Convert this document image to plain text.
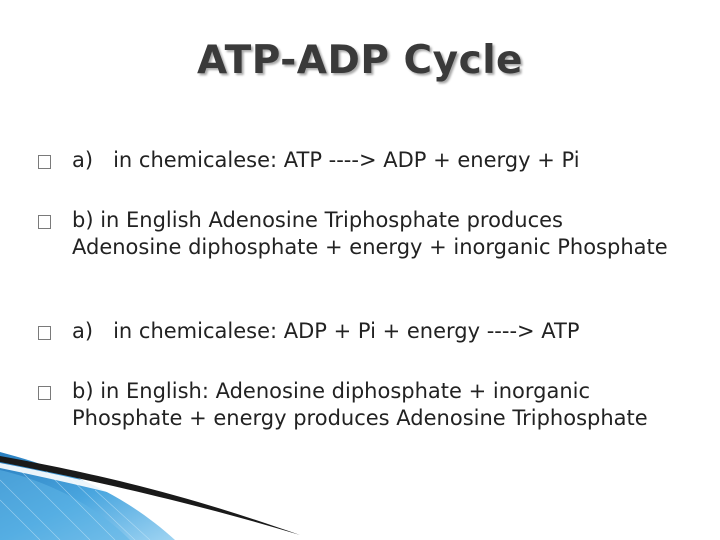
ATP-ADP Cycle
a)   in chemicalese: ATP ----> ADP + energy + Pi
b) in English Adenosine Triphosphate produces Adenosine diphosphate + energy + inorganic Phosphate
a)   in chemicalese: ADP + Pi + energy ----> ATP
b) in English: Adenosine diphosphate + inorganic Phosphate + energy produces Adenosine Triphosphate
